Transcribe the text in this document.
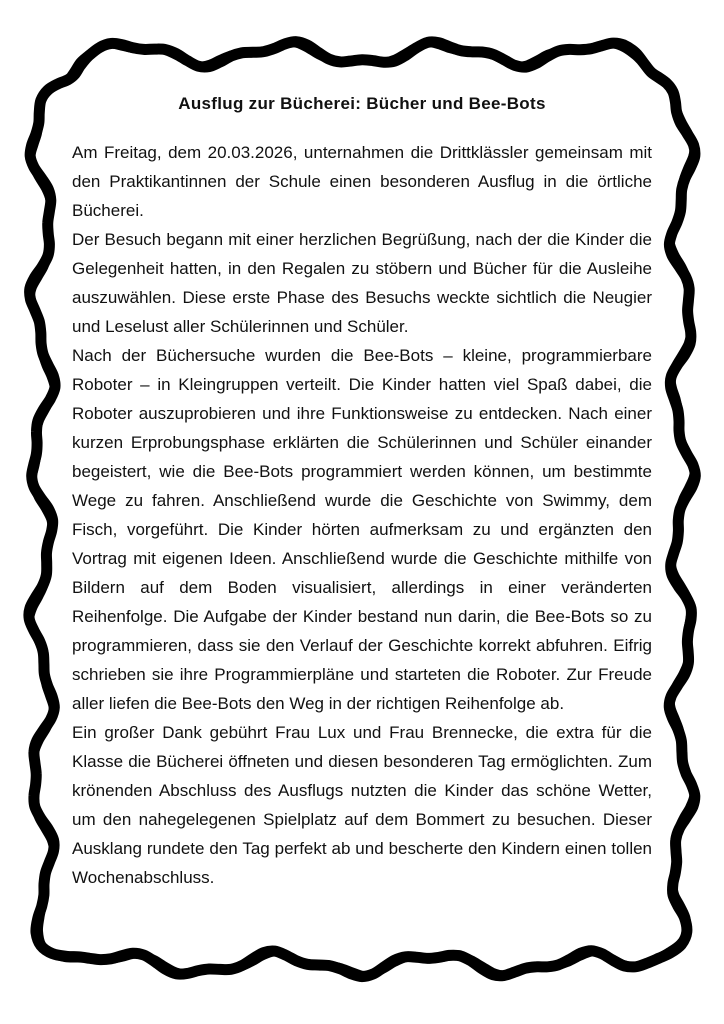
Ausflug zur Bücherei: Bücher und Bee-Bots

Am Freitag, dem 20.03.2026, unternahmen die Drittklässler gemeinsam mit den Praktikantinnen der Schule einen besonderen Ausflug in die örtliche Bücherei.

Der Besuch begann mit einer herzlichen Begrüßung, nach der die Kinder die Gelegenheit hatten, in den Regalen zu stöbern und Bücher für die Ausleihe auszuwählen. Diese erste Phase des Besuchs weckte sichtlich die Neugier und Leselust aller Schülerinnen und Schüler.

Nach der Büchersuche wurden die Bee-Bots – kleine, programmierbare Roboter – in Kleingruppen verteilt. Die Kinder hatten viel Spaß dabei, die Roboter auszuprobieren und ihre Funktionsweise zu entdecken. Nach einer kurzen Erprobungsphase erklärten die Schülerinnen und Schüler einander begeistert, wie die Bee-Bots programmiert werden können, um bestimmte Wege zu fahren. Anschließend wurde die Geschichte von Swimmy, dem Fisch, vorgeführt. Die Kinder hörten aufmerksam zu und ergänzten den Vortrag mit eigenen Ideen. Anschließend wurde die Geschichte mithilfe von Bildern auf dem Boden visualisiert, allerdings in einer veränderten Reihenfolge. Die Aufgabe der Kinder bestand nun darin, die Bee-Bots so zu programmieren, dass sie den Verlauf der Geschichte korrekt abfuhren. Eifrig schrieben sie ihre Programmierpläne und starteten die Roboter. Zur Freude aller liefen die Bee-Bots den Weg in der richtigen Reihenfolge ab.

Ein großer Dank gebührt Frau Lux und Frau Brennecke, die extra für die Klasse die Bücherei öffneten und diesen besonderen Tag ermöglichten. Zum krönenden Abschluss des Ausflugs nutzten die Kinder das schöne Wetter, um den nahegelegenen Spielplatz auf dem Bommert zu besuchen. Dieser Ausklang rundete den Tag perfekt ab und bescherte den Kindern einen tollen Wochenabschluss.
